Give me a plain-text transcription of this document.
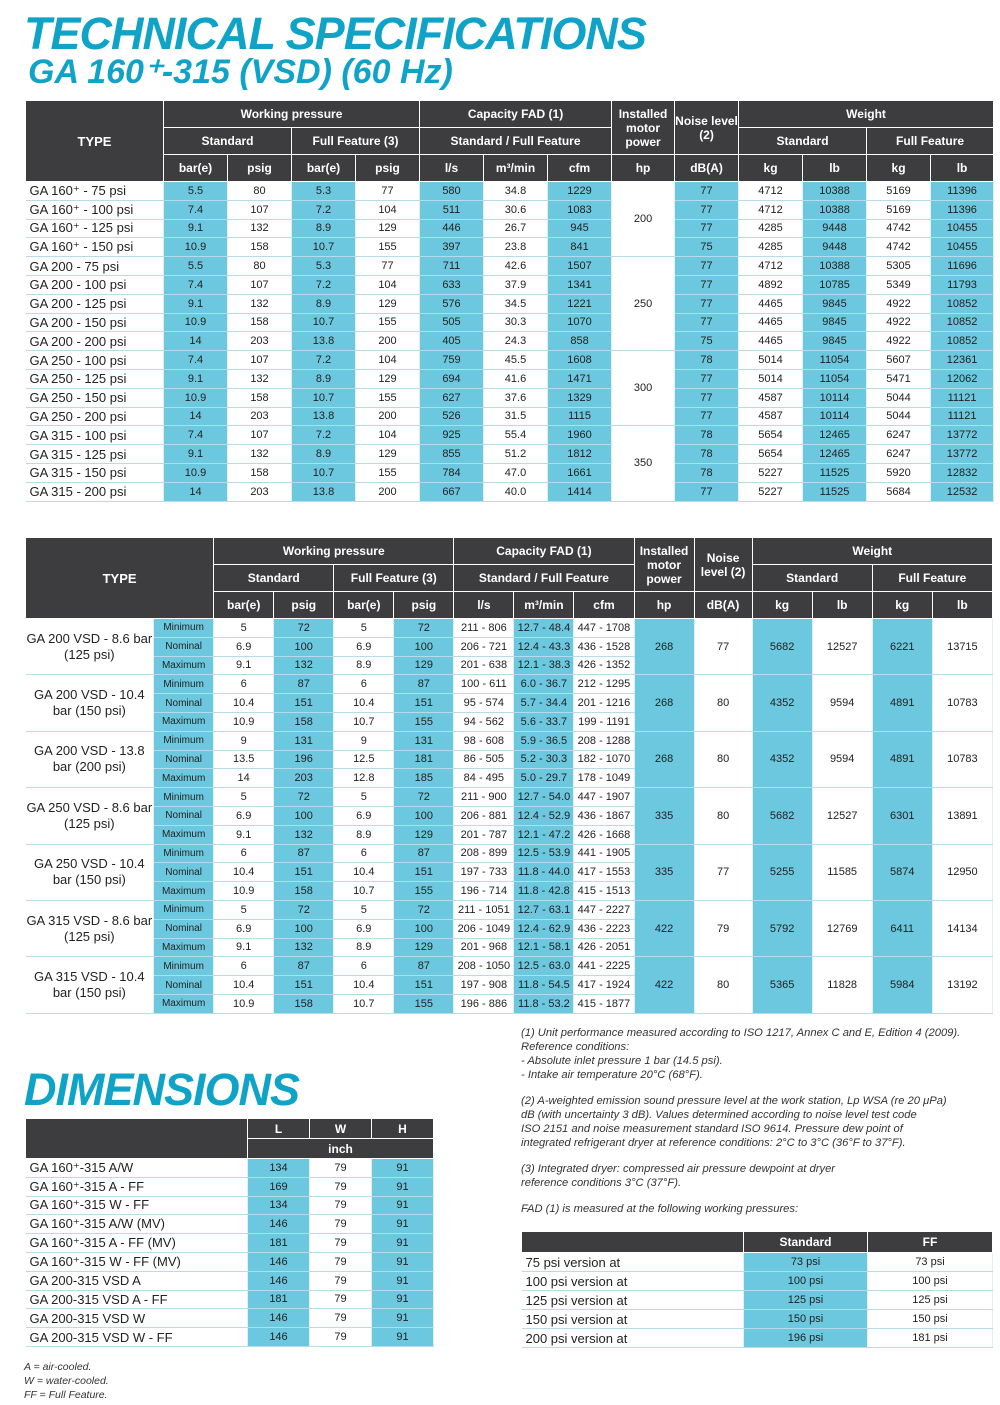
TECHNICAL SPECIFICATIONS
GA 160⁺-315 (VSD) (60 Hz)
TYPE	Working pressure				Capacity FAD (1)			Installed motor power	Noise level (2)	Weight			
	Standard		Full Feature (3)		Standard / Full Feature					Standard		Full Feature	
	bar(e)	psig	bar(e)	psig	l/s	m³/min	cfm	hp	dB(A)	kg	lb	kg	lb
GA 160⁺ - 75 psi	5.5	80	5.3	77	580	34.8	1229	200	77	4712	10388	5169	11396
GA 160⁺ - 100 psi	7.4	107	7.2	104	511	30.6	1083		77	4712	10388	5169	11396
GA 160⁺ - 125 psi	9.1	132	8.9	129	446	26.7	945		77	4285	9448	4742	10455
GA 160⁺ - 150 psi	10.9	158	10.7	155	397	23.8	841		75	4285	9448	4742	10455
GA 200 - 75 psi	5.5	80	5.3	77	711	42.6	1507	250	77	4712	10388	5305	11696
GA 200 - 100 psi	7.4	107	7.2	104	633	37.9	1341		77	4892	10785	5349	11793
GA 200 - 125 psi	9.1	132	8.9	129	576	34.5	1221		77	4465	9845	4922	10852
GA 200 - 150 psi	10.9	158	10.7	155	505	30.3	1070		77	4465	9845	4922	10852
GA 200 - 200 psi	14	203	13.8	200	405	24.3	858		75	4465	9845	4922	10852
GA 250 - 100 psi	7.4	107	7.2	104	759	45.5	1608	300	78	5014	11054	5607	12361
GA 250 - 125 psi	9.1	132	8.9	129	694	41.6	1471		77	5014	11054	5471	12062
GA 250 - 150 psi	10.9	158	10.7	155	627	37.6	1329		77	4587	10114	5044	11121
GA 250 - 200 psi	14	203	13.8	200	526	31.5	1115		77	4587	10114	5044	11121
GA 315 - 100 psi	7.4	107	7.2	104	925	55.4	1960	350	78	5654	12465	6247	13772
GA 315 - 125 psi	9.1	132	8.9	129	855	51.2	1812		78	5654	12465	6247	13772
GA 315 - 150 psi	10.9	158	10.7	155	784	47.0	1661		78	5227	11525	5920	12832
GA 315 - 200 psi	14	203	13.8	200	667	40.0	1414		77	5227	11525	5684	12532
TYPE		Working pressure				Capacity FAD (1)			Installed motor power	Noise level (2)	Weight			
		Standard		Full Feature (3)		Standard / Full Feature					Standard		Full Feature	
		bar(e)	psig	bar(e)	psig	l/s	m³/min	cfm	hp	dB(A)	kg	lb	kg	lb
GA 200 VSD - 8.6 bar (125 psi)	Minimum	5	72	5	72	211 - 806	12.7 - 48.4	447 - 1708	268	77	5682	12527	6221	13715
	Nominal	6.9	100	6.9	100	206 - 721	12.4 - 43.3	436 - 1528						
	Maximum	9.1	132	8.9	129	201 - 638	12.1 - 38.3	426 - 1352						
GA 200 VSD - 10.4 bar (150 psi)	Minimum	6	87	6	87	100 - 611	6.0 - 36.7	212 - 1295	268	80	4352	9594	4891	10783
	Nominal	10.4	151	10.4	151	95 - 574	5.7 - 34.4	201 - 1216						
	Maximum	10.9	158	10.7	155	94 - 562	5.6 - 33.7	199 - 1191						
GA 200 VSD - 13.8 bar (200 psi)	Minimum	9	131	9	131	98 - 608	5.9 - 36.5	208 - 1288	268	80	4352	9594	4891	10783
	Nominal	13.5	196	12.5	181	86 - 505	5.2 - 30.3	182 - 1070						
	Maximum	14	203	12.8	185	84 - 495	5.0 - 29.7	178 - 1049						
GA 250 VSD - 8.6 bar (125 psi)	Minimum	5	72	5	72	211 - 900	12.7 - 54.0	447 - 1907	335	80	5682	12527	6301	13891
	Nominal	6.9	100	6.9	100	206 - 881	12.4 - 52.9	436 - 1867						
	Maximum	9.1	132	8.9	129	201 - 787	12.1 - 47.2	426 - 1668						
GA 250 VSD - 10.4 bar (150 psi)	Minimum	6	87	6	87	208 - 899	12.5 - 53.9	441 - 1905	335	77	5255	11585	5874	12950
	Nominal	10.4	151	10.4	151	197 - 733	11.8 - 44.0	417 - 1553						
	Maximum	10.9	158	10.7	155	196 - 714	11.8 - 42.8	415 - 1513						
GA 315 VSD - 8.6 bar (125 psi)	Minimum	5	72	5	72	211 - 1051	12.7 - 63.1	447 - 2227	422	79	5792	12769	6411	14134
	Nominal	6.9	100	6.9	100	206 - 1049	12.4 - 62.9	436 - 2223						
	Maximum	9.1	132	8.9	129	201 - 968	12.1 - 58.1	426 - 2051						
GA 315 VSD - 10.4 bar (150 psi)	Minimum	6	87	6	87	208 - 1050	12.5 - 63.0	441 - 2225	422	80	5365	11828	5984	13192
	Nominal	10.4	151	10.4	151	197 - 908	11.8 - 54.5	417 - 1924						
	Maximum	10.9	158	10.7	155	196 - 886	11.8 - 53.2	415 - 1877						
DIMENSIONS
	L	W	H
	inch		
GA 160⁺-315 A/W	134	79	91
GA 160⁺-315 A - FF	169	79	91
GA 160⁺-315 W - FF	134	79	91
GA 160⁺-315 A/W (MV)	146	79	91
GA 160⁺-315 A - FF (MV)	181	79	91
GA 160⁺-315 W - FF (MV)	146	79	91
GA 200-315 VSD A	146	79	91
GA 200-315 VSD A - FF	181	79	91
GA 200-315 VSD W	146	79	91
GA 200-315 VSD W - FF	146	79	91

(1) Unit performance measured according to ISO 1217, Annex C and E, Edition 4 (2009).
Reference conditions:
- Absolute inlet pressure 1 bar (14.5 psi).
- Intake air temperature 20°C (68°F).

(2) A-weighted emission sound pressure level at the work station, Lp WSA (re 20 μPa)
dB (with uncertainty 3 dB). Values determined according to noise level test code
ISO 2151 and noise measurement standard ISO 9614. Pressure dew point of
integrated refrigerant dryer at reference conditions: 2°C to 3°C (36°F to 37°F).

(3) Integrated dryer: compressed air pressure dewpoint at dryer
reference conditions 3°C (37°F).

FAD (1) is measured at the following working pressures:

	Standard	FF
75 psi version at	73 psi	73 psi
100 psi version at	100 psi	100 psi
125 psi version at	125 psi	125 psi
150 psi version at	150 psi	150 psi
200 psi version at	196 psi	181 psi
A = air-cooled.
W = water-cooled.
FF = Full Feature.
